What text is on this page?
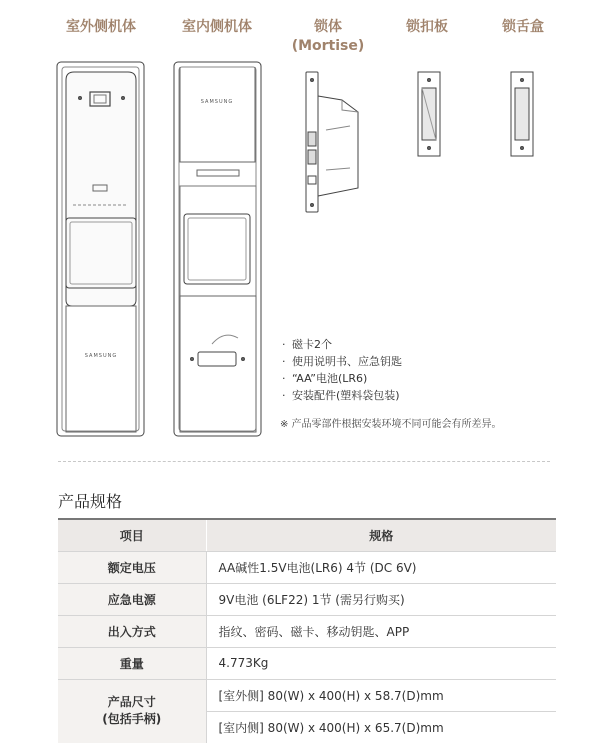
室外侧机体	室内侧机体	锁体
(Mortise)
锁扣板	锁舌盒
SAMSUNG
SAMSUNG
· 磁卡2个
· 使用说明书、应急钥匙
· “AA”电池(LR6)
· 安装配件(塑料袋包装)
※ 产品零部件根据安装环境不同可能会有所差异。
产品规格
项目	规格
额定电压	AA碱性1.5V电池(LR6) 4节 (DC 6V)
应急电源	9V电池 (6LF22) 1节 (需另行购买)
出入方式	指纹、密码、磁卡、移动钥匙、APP
重量	4.773Kg
产品尺寸
(包括手柄)	[室外侧] 80(W) x 400(H) x 58.7(D)mm
	[室内侧] 80(W) x 400(H) x 65.7(D)mm
